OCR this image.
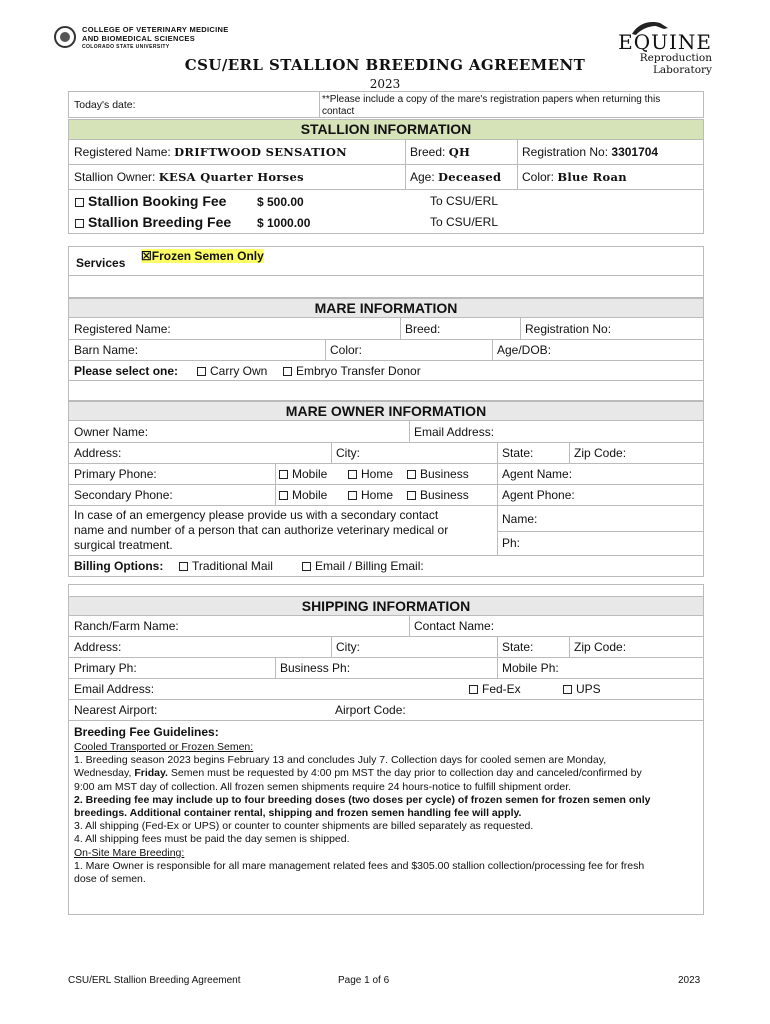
COLLEGE OF VETERINARY MEDICINE
AND BIOMEDICAL SCIENCES
COLORADO STATE UNIVERSITY	EQUINE
Reproduction
Laboratory
CSU/ERL STALLION BREEDING AGREEMENT
2023
Today's date:	**Please include a copy of the mare's registration papers when returning this contact
STALLION INFORMATION
Registered Name: DRIFTWOOD SENSATION	Breed: QH	Registration No: 3301704
Stallion Owner: KESA Quarter Horses	Age: Deceased Color: Blue Roan
Stallion Booking Fee	$ 500.00	To CSU/ERL
Stallion Breeding Fee $ 1000.00	To CSU/ERL
Services ☒Frozen Semen Only
MARE INFORMATION
Registered Name:	Breed:	Registration No:
Barn Name:	Color:	Age/DOB:
Please select one:	Carry Own	Embryo Transfer Donor
MARE OWNER INFORMATION
Owner Name:	Email Address:
Address:	City:	State:	Zip Code:
Primary Phone:	Mobile	Home	Business	Agent Name:
Secondary Phone:	Mobile	Home	Business	Agent Phone:
In case of an emergency please provide us with a secondary contact
name and number of a person that can authorize veterinary medical or
surgical treatment.
Name:
Ph:
Billing Options:	Traditional Mail	Email / Billing Email:
SHIPPING INFORMATION
Ranch/Farm Name:	Contact Name:
Address:	City:	State:	Zip Code:
Primary Ph:	Business Ph:	Mobile Ph:
Email Address:	Fed-Ex	UPS
Nearest Airport:	Airport Code:
Breeding Fee Guidelines:
Cooled Transported or Frozen Semen:
1. Breeding season 2023 begins February 13 and concludes July 7. Collection days for cooled semen are Monday,
Wednesday, Friday. Semen must be requested by 4:00 pm MST the day prior to collection day and canceled/confirmed by
9:00 am MST day of collection. All frozen semen shipments require 24 hours-notice to fulfill shipment order.
2. Breeding fee may include up to four breeding doses (two doses per cycle) of frozen semen for frozen semen only
breedings. Additional container rental, shipping and frozen semen handling fee will apply.
3. All shipping (Fed-Ex or UPS) or counter to counter shipments are billed separately as requested.
4. All shipping fees must be paid the day semen is shipped.
On-Site Mare Breeding:
1. Mare Owner is responsible for all mare management related fees and $305.00 stallion collection/processing fee for fresh
dose of semen.
CSU/ERL Stallion Breeding Agreement	Page 1 of 6	2023
